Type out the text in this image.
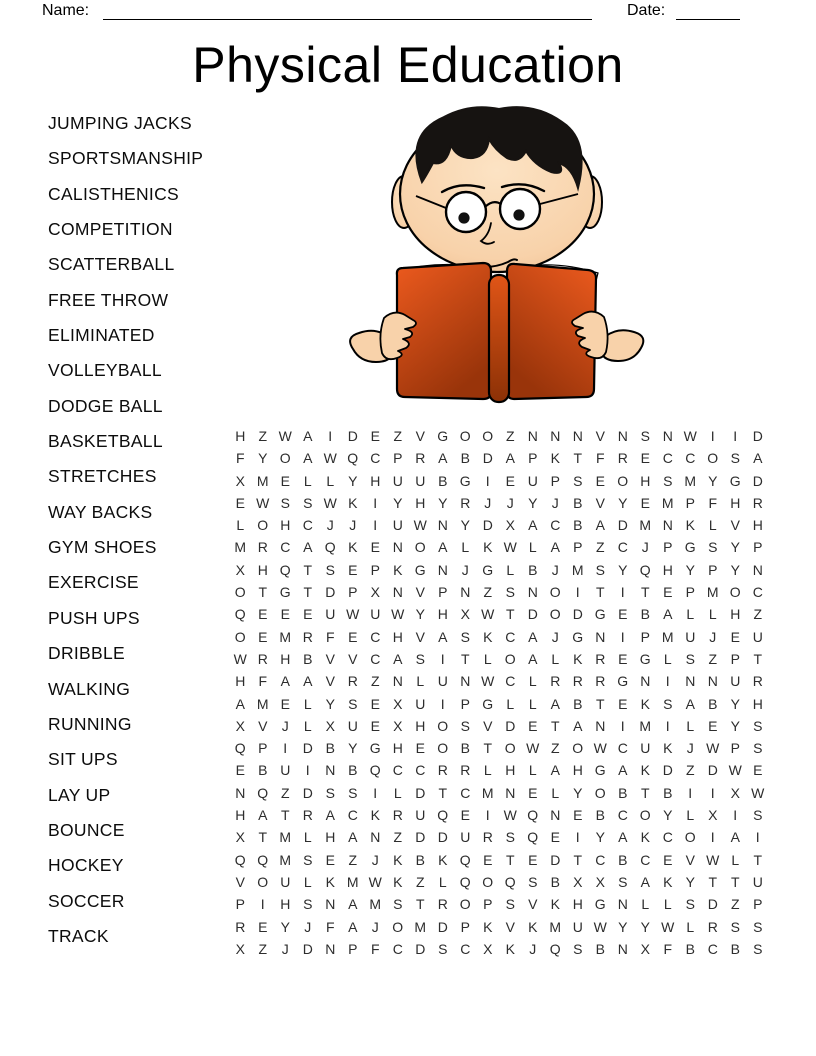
Name:	Date:
Physical Education
JUMPING JACKS
SPORTSMANSHIP
CALISTHENICS
COMPETITION
SCATTERBALL
FREE THROW
ELIMINATED
VOLLEYBALL
DODGE BALL
BASKETBALL
STRETCHES
WAY BACKS
GYM SHOES
EXERCISE
PUSH UPS
DRIBBLE
WALKING
RUNNING
SIT UPS
LAY UP
BOUNCE
HOCKEY
SOCCER
TRACK
H Z W A	I	D E Z V G O O Z N N N V N S N W I	I	D
F Y O A W Q C P R A B D A P K T F R E C C O S A
X M E L	L Y H U U B G	I	E U P S E O H S M Y G D
E W S S W K	I	Y H Y R J	J	Y	J	B V Y E M P F H R
L O H C J	J	I	U W N Y D X A C B A D M N K L V H
M R C A Q K E N O A L K W L A P Z C J	P G S Y P
X H Q T S E P K G N J G L B	J M S Y Q H Y P Y N
O T G T D P X N V P N Z S N O	I	T	I	T E P M O C
Q E E E U W U W Y H X W T D O D G E B A L	L H Z
O E M R F E C H V A S K C A	J G N	I	P M U J	E U
W R H B V V C A S	I	T	L O A L K R E G L S Z P T
H F A A V R Z N L U N W C L R R R G N	I	N N U R
A M E L Y S E X U	I	P G L	L A B T E K S A B Y H
X V	J	L X U E X H O S V D E T A N	I	M	I	L E Y S
Q P	I	D B Y G H E O B T O W Z O W C U K	J W P S
E B U	I	N B Q C C R R L H L A H G A K D Z D W E
N Q Z D S S	I	L D T C M N E L Y O B T B	I	I	X W
H A T R A C K R U Q E	I W Q N E B C O Y L X	I	S
X T M L H A N Z D D U R S Q E	I	Y A K C O	I	A	I
Q Q M S E Z	J	K B K Q E T E D T C B C E V W L	T
V O U L K M W K Z	L Q O Q S B X X S A K Y T T U
P	I	H S N A M S T R O P S V K H G N L	L S D Z P
R E Y	J	F A	J O M D P K V K M U W Y Y W L R S S
X Z	J D N P F C D S C X K	J Q S B N X F B C B S
